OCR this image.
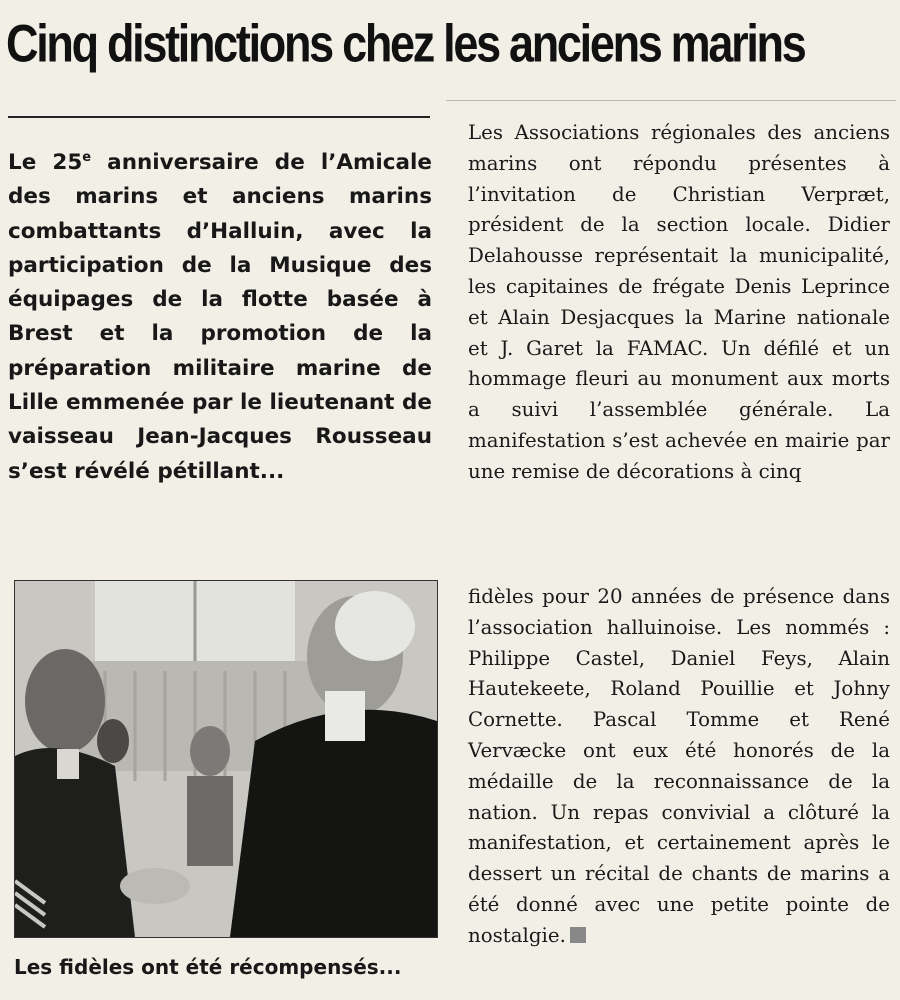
Cinq distinctions chez les anciens marins

Le 25e anniversaire de l’Amicale des marins et anciens marins combattants d’Halluin, avec la participation de la Musique des équipages de la flotte basée à Brest et la promotion de la préparation militaire marine de Lille emmenée par le lieutenant de vaisseau Jean-Jacques Rousseau s’est révélé pétillant...

Les fidèles ont été récompensés...

Les Associations régionales des anciens marins ont répondu présentes à l’invitation de Christian Verpræt, président de la section locale. Didier Delahousse représentait la municipalité, les capitaines de frégate Denis Leprince et Alain Desjacques la Marine nationale et J. Garet la FAMAC. Un défilé et un hommage fleuri au monument aux morts a suivi l’assemblée générale. La manifestation s’est achevée en mairie par une remise de décorations à cinq

fidèles pour 20 années de présence dans l’association halluinoise. Les nommés : Philippe Castel, Daniel Feys, Alain Hautekeete, Roland Pouillie et Johny Cornette. Pascal Tomme et René Vervæcke ont eux été honorés de la médaille de la reconnaissance de la nation. Un repas convivial a clôturé la manifestation, et certainement après le dessert un récital de chants de marins a été donné avec une petite pointe de nostalgie.
